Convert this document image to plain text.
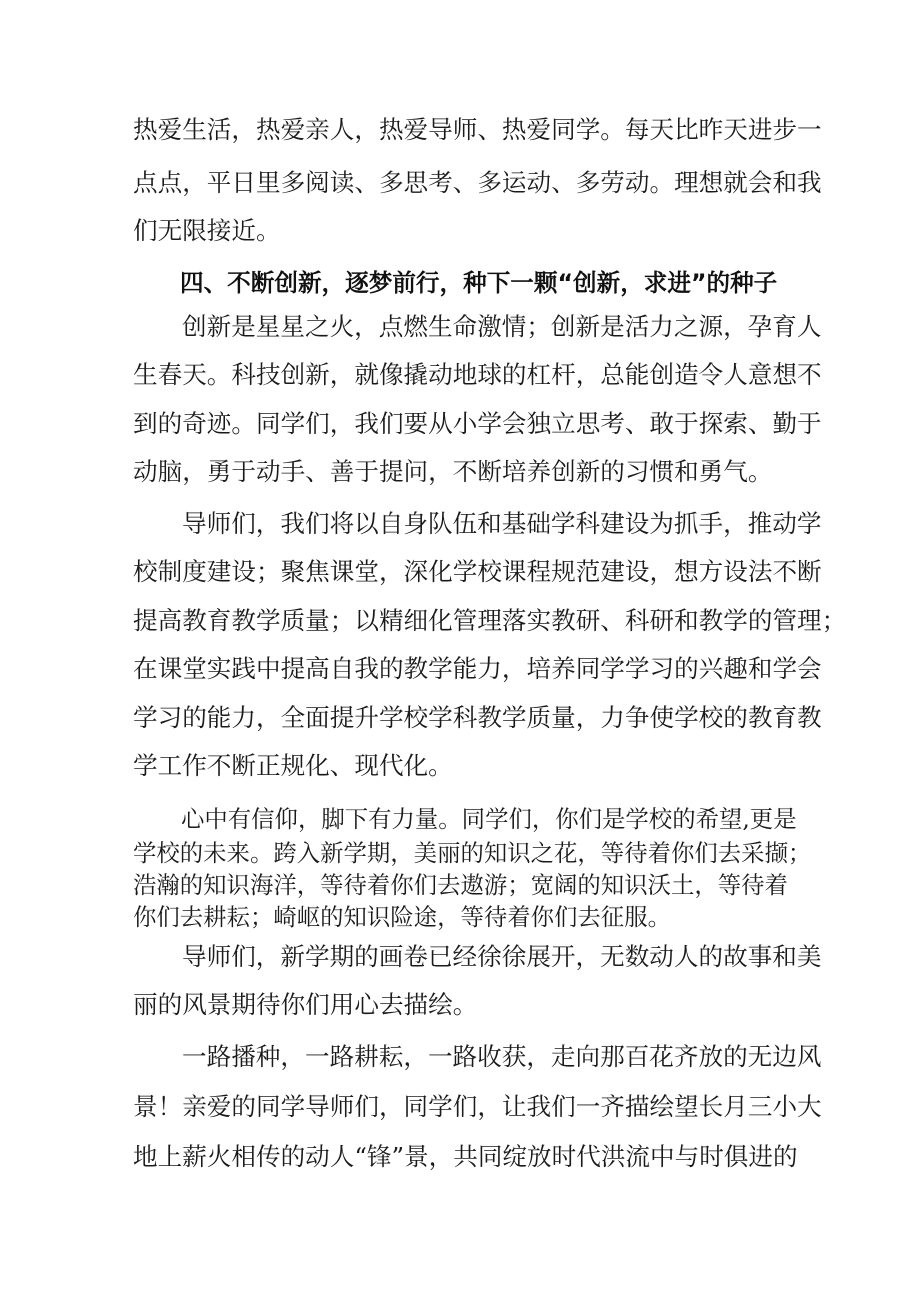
热爱生活，热爱亲人，热爱导师、热爱同学。每天比昨天进步一

点点，平日里多阅读、多思考、多运动、多劳动。理想就会和我

们无限接近。

四、不断创新，逐梦前行，种下一颗“创新，求进”的种子

创新是星星之火，点燃生命激情；创新是活力之源，孕育人

生春天。科技创新，就像撬动地球的杠杆，总能创造令人意想不

到的奇迹。同学们，我们要从小学会独立思考、敢于探索、勤于

动脑，勇于动手、善于提问，不断培养创新的习惯和勇气。

导师们，我们将以自身队伍和基础学科建设为抓手，推动学

校制度建设；聚焦课堂，深化学校课程规范建设，想方设法不断

提高教育教学质量；以精细化管理落实教研、科研和教学的管理；

在课堂实践中提高自我的教学能力，培养同学学习的兴趣和学会

学习的能力，全面提升学校学科教学质量，力争使学校的教育教

学工作不断正规化、现代化。

心中有信仰，脚下有力量。同学们，你们是学校的希望,更是

学校的未来。跨入新学期，美丽的知识之花，等待着你们去采撷；

浩瀚的知识海洋，等待着你们去遨游；宽阔的知识沃土，等待着

你们去耕耘；崎岖的知识险途，等待着你们去征服。

导师们，新学期的画卷已经徐徐展开，无数动人的故事和美

丽的风景期待你们用心去描绘。

一路播种，一路耕耘，一路收获，走向那百花齐放的无边风

景！亲爱的同学导师们，同学们，让我们一齐描绘望长月三小大

地上薪火相传的动人“锋”景，共同绽放时代洪流中与时俱进的
